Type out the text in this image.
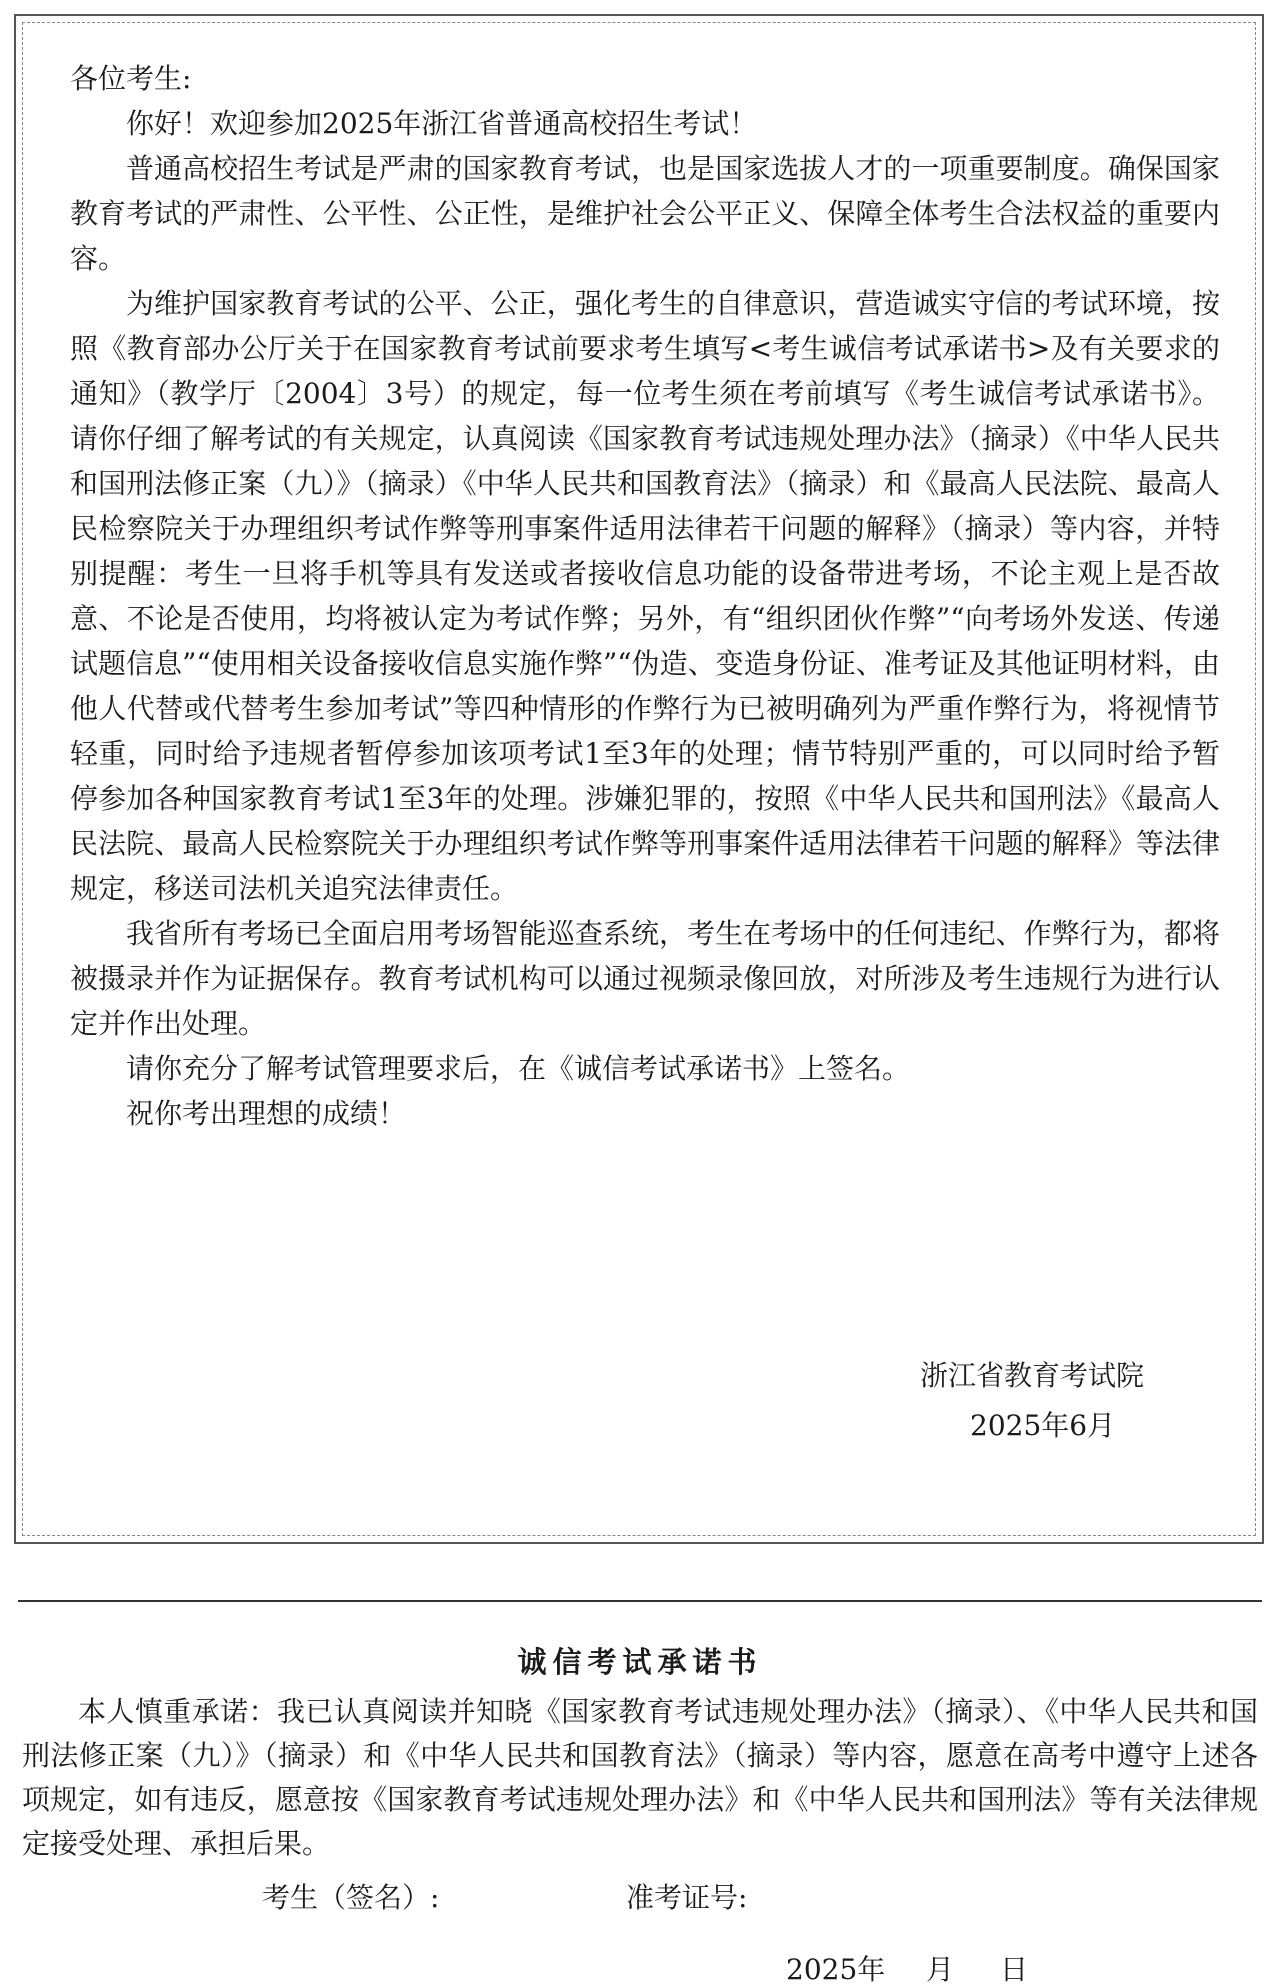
各位考生:

你好！欢迎参加2025年浙江省普通高校招生考试！

普通高校招生考试是严肃的国家教育考试，也是国家选拔人才的一项重要制度。确保国家教育考试的严肃性、公平性、公正性，是维护社会公平正义、保障全体考生合法权益的重要内容。

为维护国家教育考试的公平、公正，强化考生的自律意识，营造诚实守信的考试环境，按照《教育部办公厅关于在国家教育考试前要求考生填写<考生诚信考试承诺书>及有关要求的通知》（教学厅〔2004〕3号）的规定，每一位考生须在考前填写《考生诚信考试承诺书》。请你仔细了解考试的有关规定，认真阅读《国家教育考试违规处理办法》（摘录）《中华人民共和国刑法修正案（九）》（摘录）《中华人民共和国教育法》（摘录）和《最高人民法院、最高人民检察院关于办理组织考试作弊等刑事案件适用法律若干问题的解释》（摘录）等内容，并特别提醒：考生一旦将手机等具有发送或者接收信息功能的设备带进考场，不论主观上是否故意、不论是否使用，均将被认定为考试作弊；另外，有“组织团伙作弊”“向考场外发送、传递试题信息”“使用相关设备接收信息实施作弊”“伪造、变造身份证、准考证及其他证明材料，由他人代替或代替考生参加考试”等四种情形的作弊行为已被明确列为严重作弊行为，将视情节轻重，同时给予违规者暂停参加该项考试1至3年的处理；情节特别严重的，可以同时给予暂停参加各种国家教育考试1至3年的处理。涉嫌犯罪的，按照《中华人民共和国刑法》《最高人民法院、最高人民检察院关于办理组织考试作弊等刑事案件适用法律若干问题的解释》等法律规定，移送司法机关追究法律责任。

我省所有考场已全面启用考场智能巡查系统，考生在考场中的任何违纪、作弊行为，都将被摄录并作为证据保存。教育考试机构可以通过视频录像回放，对所涉及考生违规行为进行认定并作出处理。

请你充分了解考试管理要求后，在《诚信考试承诺书》上签名。

祝你考出理想的成绩！

浙江省教育考试院
2025年6月
诚信考试承诺书

本人慎重承诺：我已认真阅读并知晓《国家教育考试违规处理办法》（摘录）、《中华人民共和国刑法修正案（九）》（摘录）和《中华人民共和国教育法》（摘录）等内容，愿意在高考中遵守上述各项规定，如有违反，愿意按《国家教育考试违规处理办法》和《中华人民共和国刑法》等有关法律规定接受处理、承担后果。

考生（签名）:	准考证号:
2025年 月 日
